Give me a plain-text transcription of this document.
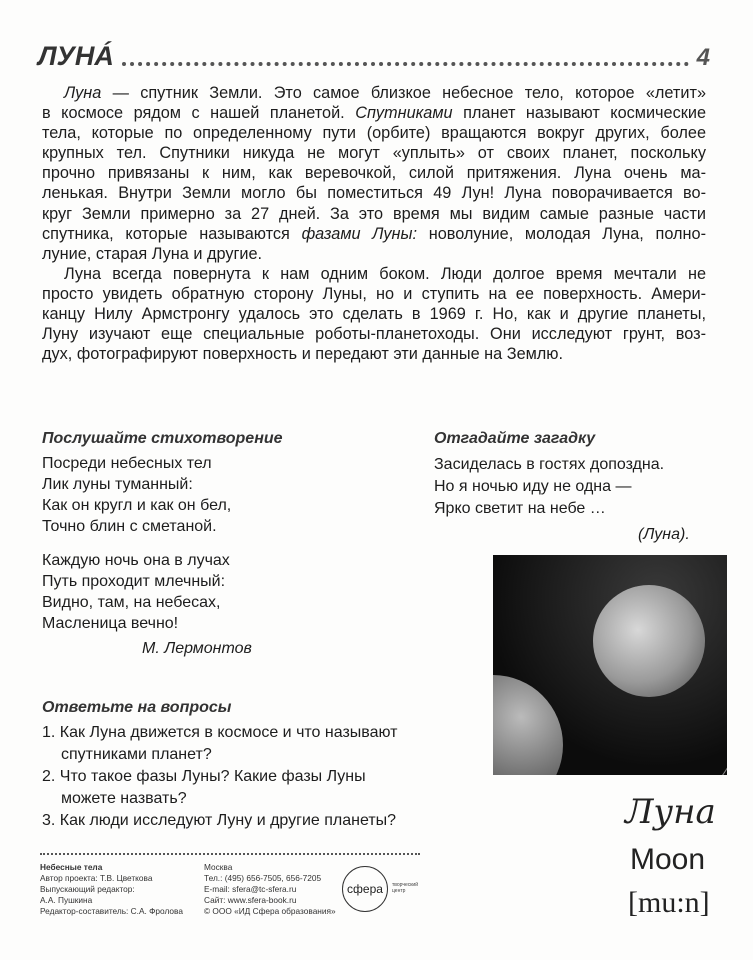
ЛУНÁ	4
Луна — спутник Земли. Это самое близкое небесное тело, которое «летит»
в космосе рядом с нашей планетой. Спутниками планет называют космические
тела, которые по определенному пути (орбите) вращаются вокруг других, более
крупных тел. Спутники никуда не могут «уплыть» от своих планет, поскольку
прочно привязаны к ним, как веревочкой, силой притяжения. Луна очень ма-
ленькая. Внутри Земли могло бы поместиться 49 Лун! Луна поворачивается во-
круг Земли примерно за 27 дней. За это время мы видим самые разные части
спутника, которые называются фазами Луны: новолуние, молодая Луна, полно-
луние, старая Луна и другие.
Луна всегда повернута к нам одним боком. Люди долгое время мечтали не
просто увидеть обратную сторону Луны, но и ступить на ее поверхность. Амери-
канцу Нилу Армстронгу удалось это сделать в 1969 г. Но, как и другие планеты,
Луну изучают еще специальные роботы-планетоходы. Они исследуют грунт, воз-
дух, фотографируют поверхность и передают эти данные на Землю.
Послушайте стихотворение
Посреди небесных тел
Лик луны туманный:
Как он кругл и как он бел,
Точно блин с сметаной.
Каждую ночь она в лучах
Путь проходит млечный:
Видно, там, на небесах,
Масленица вечно!
М. Лермонтов
Отгадайте загадку
Засиделась в гостях допоздна.
Но я ночью иду не одна —
Ярко светит на небе …
(Луна).
Ответьте на вопросы
1. Как Луна движется в космосе и что называют
спутниками планет?
2. Что такое фазы Луны? Какие фазы Луны
можете назвать?
3. Как люди исследуют Луну и другие планеты?	Луна
Moon
[mu:n]
Небесные тела
Автор проекта: Т.В. Цветкова
Выпускающий редактор:
А.А. Пушкина
Редактор-составитель: С.А. Фролова
Москва
Тел.: (495) 656-7505, 656-7205
E-mail: sfera@tc-sfera.ru
Сайт: www.sfera-book.ru
© ООО «ИД Сфера образования»
сфера творческий центр
